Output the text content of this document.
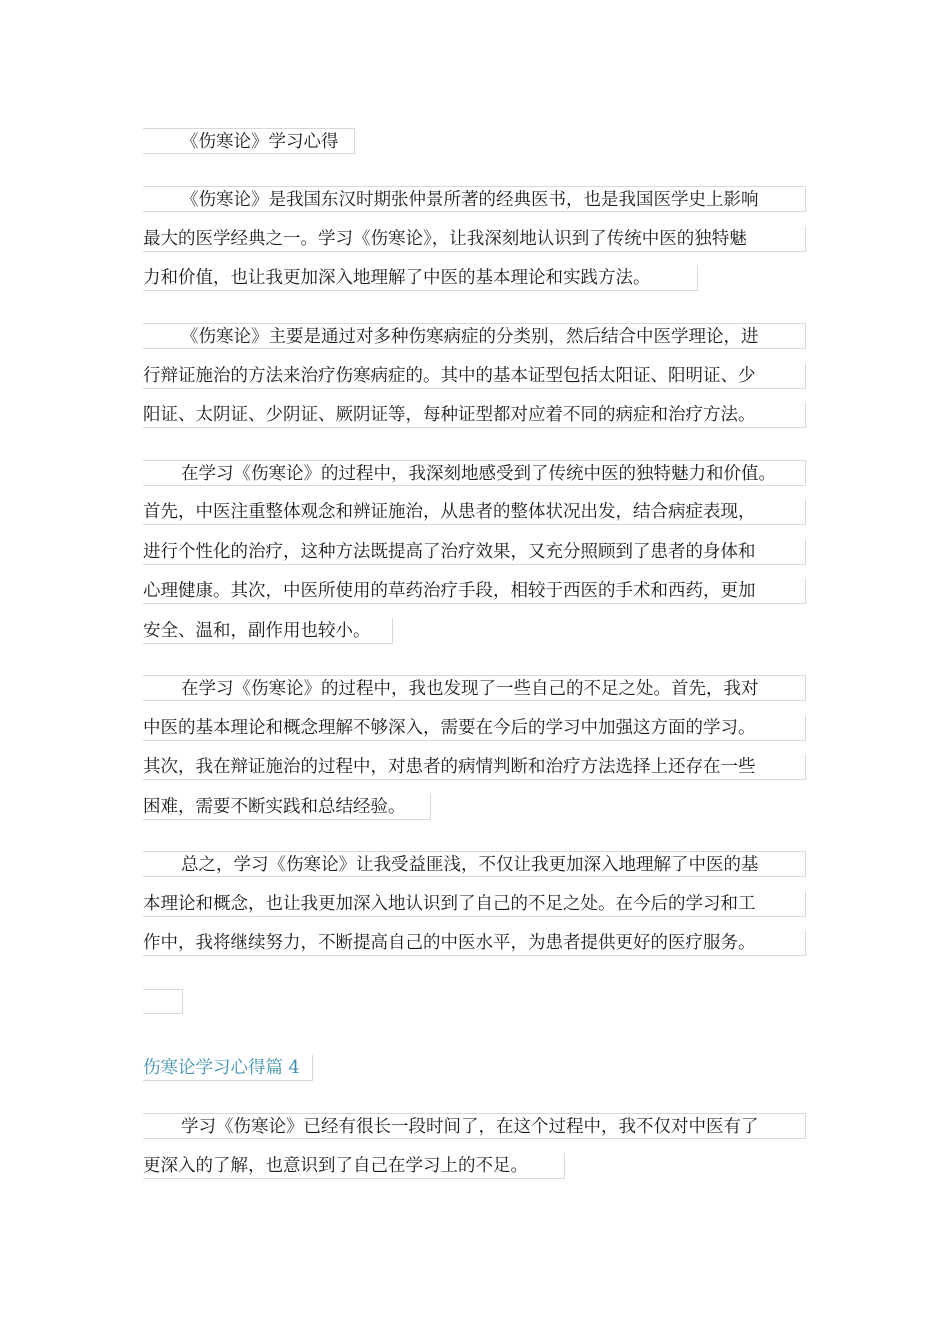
《伤寒论》学习心得
《伤寒论》是我国东汉时期张仲景所著的经典医书，也是我国医学史上影响
最大的医学经典之一。学习《伤寒论》，让我深刻地认识到了传统中医的独特魅
力和价值，也让我更加深入地理解了中医的基本理论和实践方法。
《伤寒论》主要是通过对多种伤寒病症的分类别，然后结合中医学理论，进
行辩证施治的方法来治疗伤寒病症的。其中的基本证型包括太阳证、阳明证、少
阳证、太阴证、少阴证、厥阴证等，每种证型都对应着不同的病症和治疗方法。
在学习《伤寒论》的过程中，我深刻地感受到了传统中医的独特魅力和价值。
首先，中医注重整体观念和辨证施治，从患者的整体状况出发，结合病症表现，
进行个性化的治疗，这种方法既提高了治疗效果，又充分照顾到了患者的身体和
心理健康。其次，中医所使用的草药治疗手段，相较于西医的手术和西药，更加
安全、温和，副作用也较小。
在学习《伤寒论》的过程中，我也发现了一些自己的不足之处。首先，我对
中医的基本理论和概念理解不够深入，需要在今后的学习中加强这方面的学习。
其次，我在辩证施治的过程中，对患者的病情判断和治疗方法选择上还存在一些
困难，需要不断实践和总结经验。
总之，学习《伤寒论》让我受益匪浅，不仅让我更加深入地理解了中医的基
本理论和概念，也让我更加深入地认识到了自己的不足之处。在今后的学习和工
作中，我将继续努力，不断提高自己的中医水平，为患者提供更好的医疗服务。
伤寒论学习心得篇 4
学习《伤寒论》已经有很长一段时间了，在这个过程中，我不仅对中医有了
更深入的了解，也意识到了自己在学习上的不足。
